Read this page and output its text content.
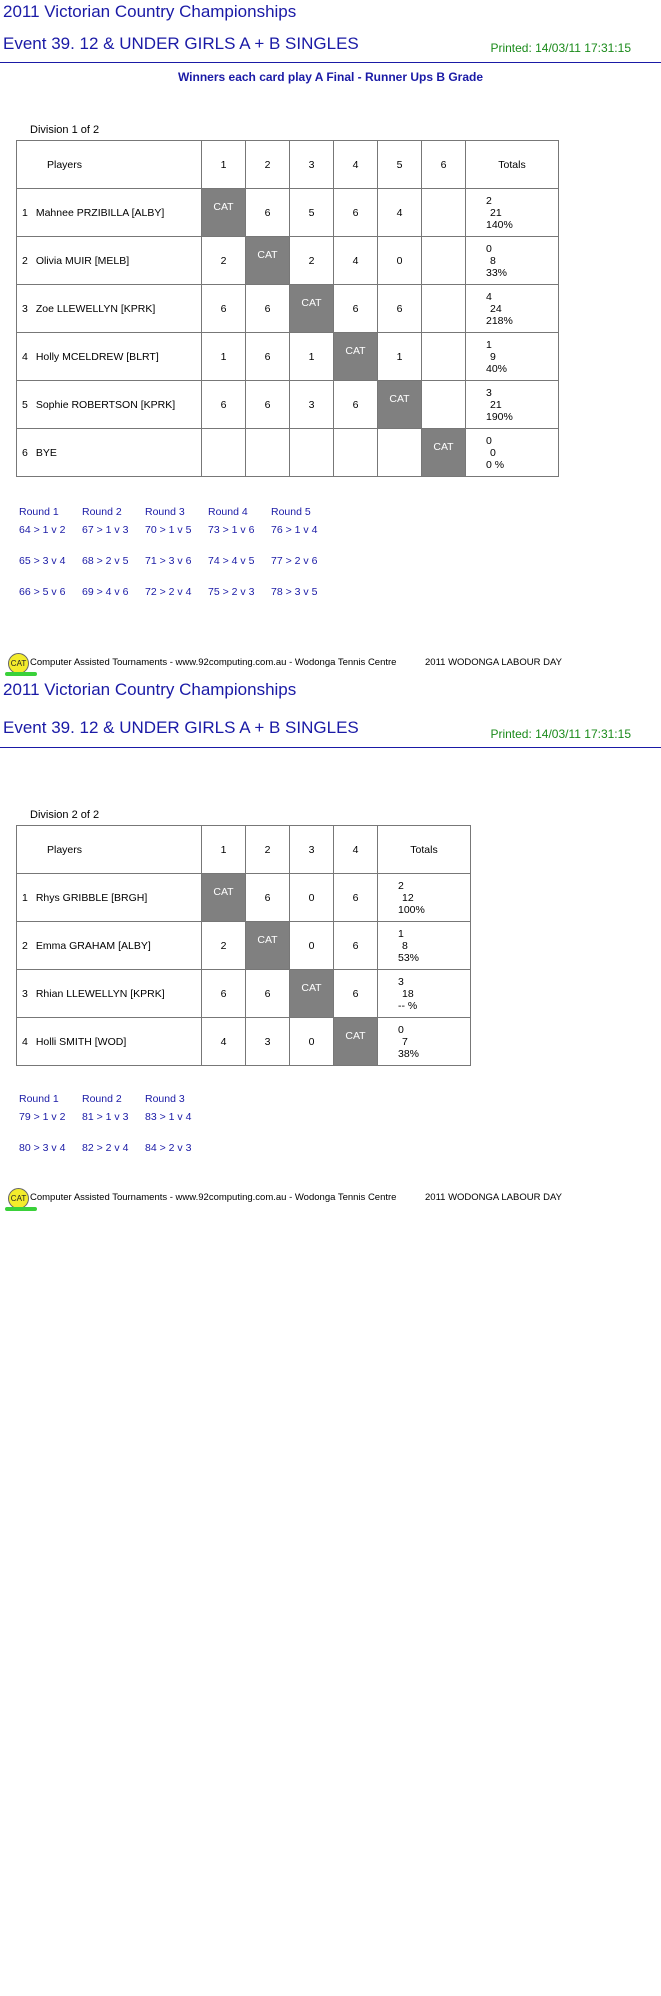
2011 Victorian Country Championships
Event 39. 12 & UNDER GIRLS A + B SINGLES	Printed: 14/03/11 17:31:15
Winners each card play A Final - Runner Ups B Grade
Division 1 of 2
Players	1	2	3	4	5	6	Totals
1 Mahnee PRZIBILLA [ALBY]	CAT	6	5	6	4		2
21
140%

2 Olivia MUIR [MELB]	2	CAT	2	4	0		0
8
33%

3 Zoe LLEWELLYN [KPRK]	6	6	CAT	6	6		4
24
218%

4 Holly MCELDREW [BLRT]	1	6	1	CAT	1		1
9
40%

5 Sophie ROBERTSON [KPRK]	6	6	3	6	CAT		3
21
190%

6 BYE						CAT	0
0
0 %
Round 1
64 > 1 v 2
65 > 3 v 4
66 > 5 v 6
Round 2
67 > 1 v 3
68 > 2 v 5
69 > 4 v 6
Round 3
70 > 1 v 5
71 > 3 v 6
72 > 2 v 4
Round 4
73 > 1 v 6
74 > 4 v 5
75 > 2 v 3
Round 5
76 > 1 v 4
77 > 2 v 6
78 > 3 v 5
CAT Computer Assisted Tournaments - www.92computing.com.au - Wodonga Tennis Centre	2011 WODONGA LABOUR DAY
2011 Victorian Country Championships
Event 39. 12 & UNDER GIRLS A + B SINGLES	Printed: 14/03/11 17:31:15
Division 2 of 2
Players	1	2	3	4	Totals
1 Rhys GRIBBLE [BRGH]	CAT	6	0	6	2
12
100%

2 Emma GRAHAM [ALBY]	2	CAT	0	6	1
8
53%

3 Rhian LLEWELLYN [KPRK]	6	6	CAT	6	3
18
-- %

4 Holli SMITH [WOD]	4	3	0	CAT	0
7
38%
Round 1
79 > 1 v 2
80 > 3 v 4
Round 2
81 > 1 v 3
82 > 2 v 4
Round 3
83 > 1 v 4
84 > 2 v 3
CAT Computer Assisted Tournaments - www.92computing.com.au - Wodonga Tennis Centre	2011 WODONGA LABOUR DAY
